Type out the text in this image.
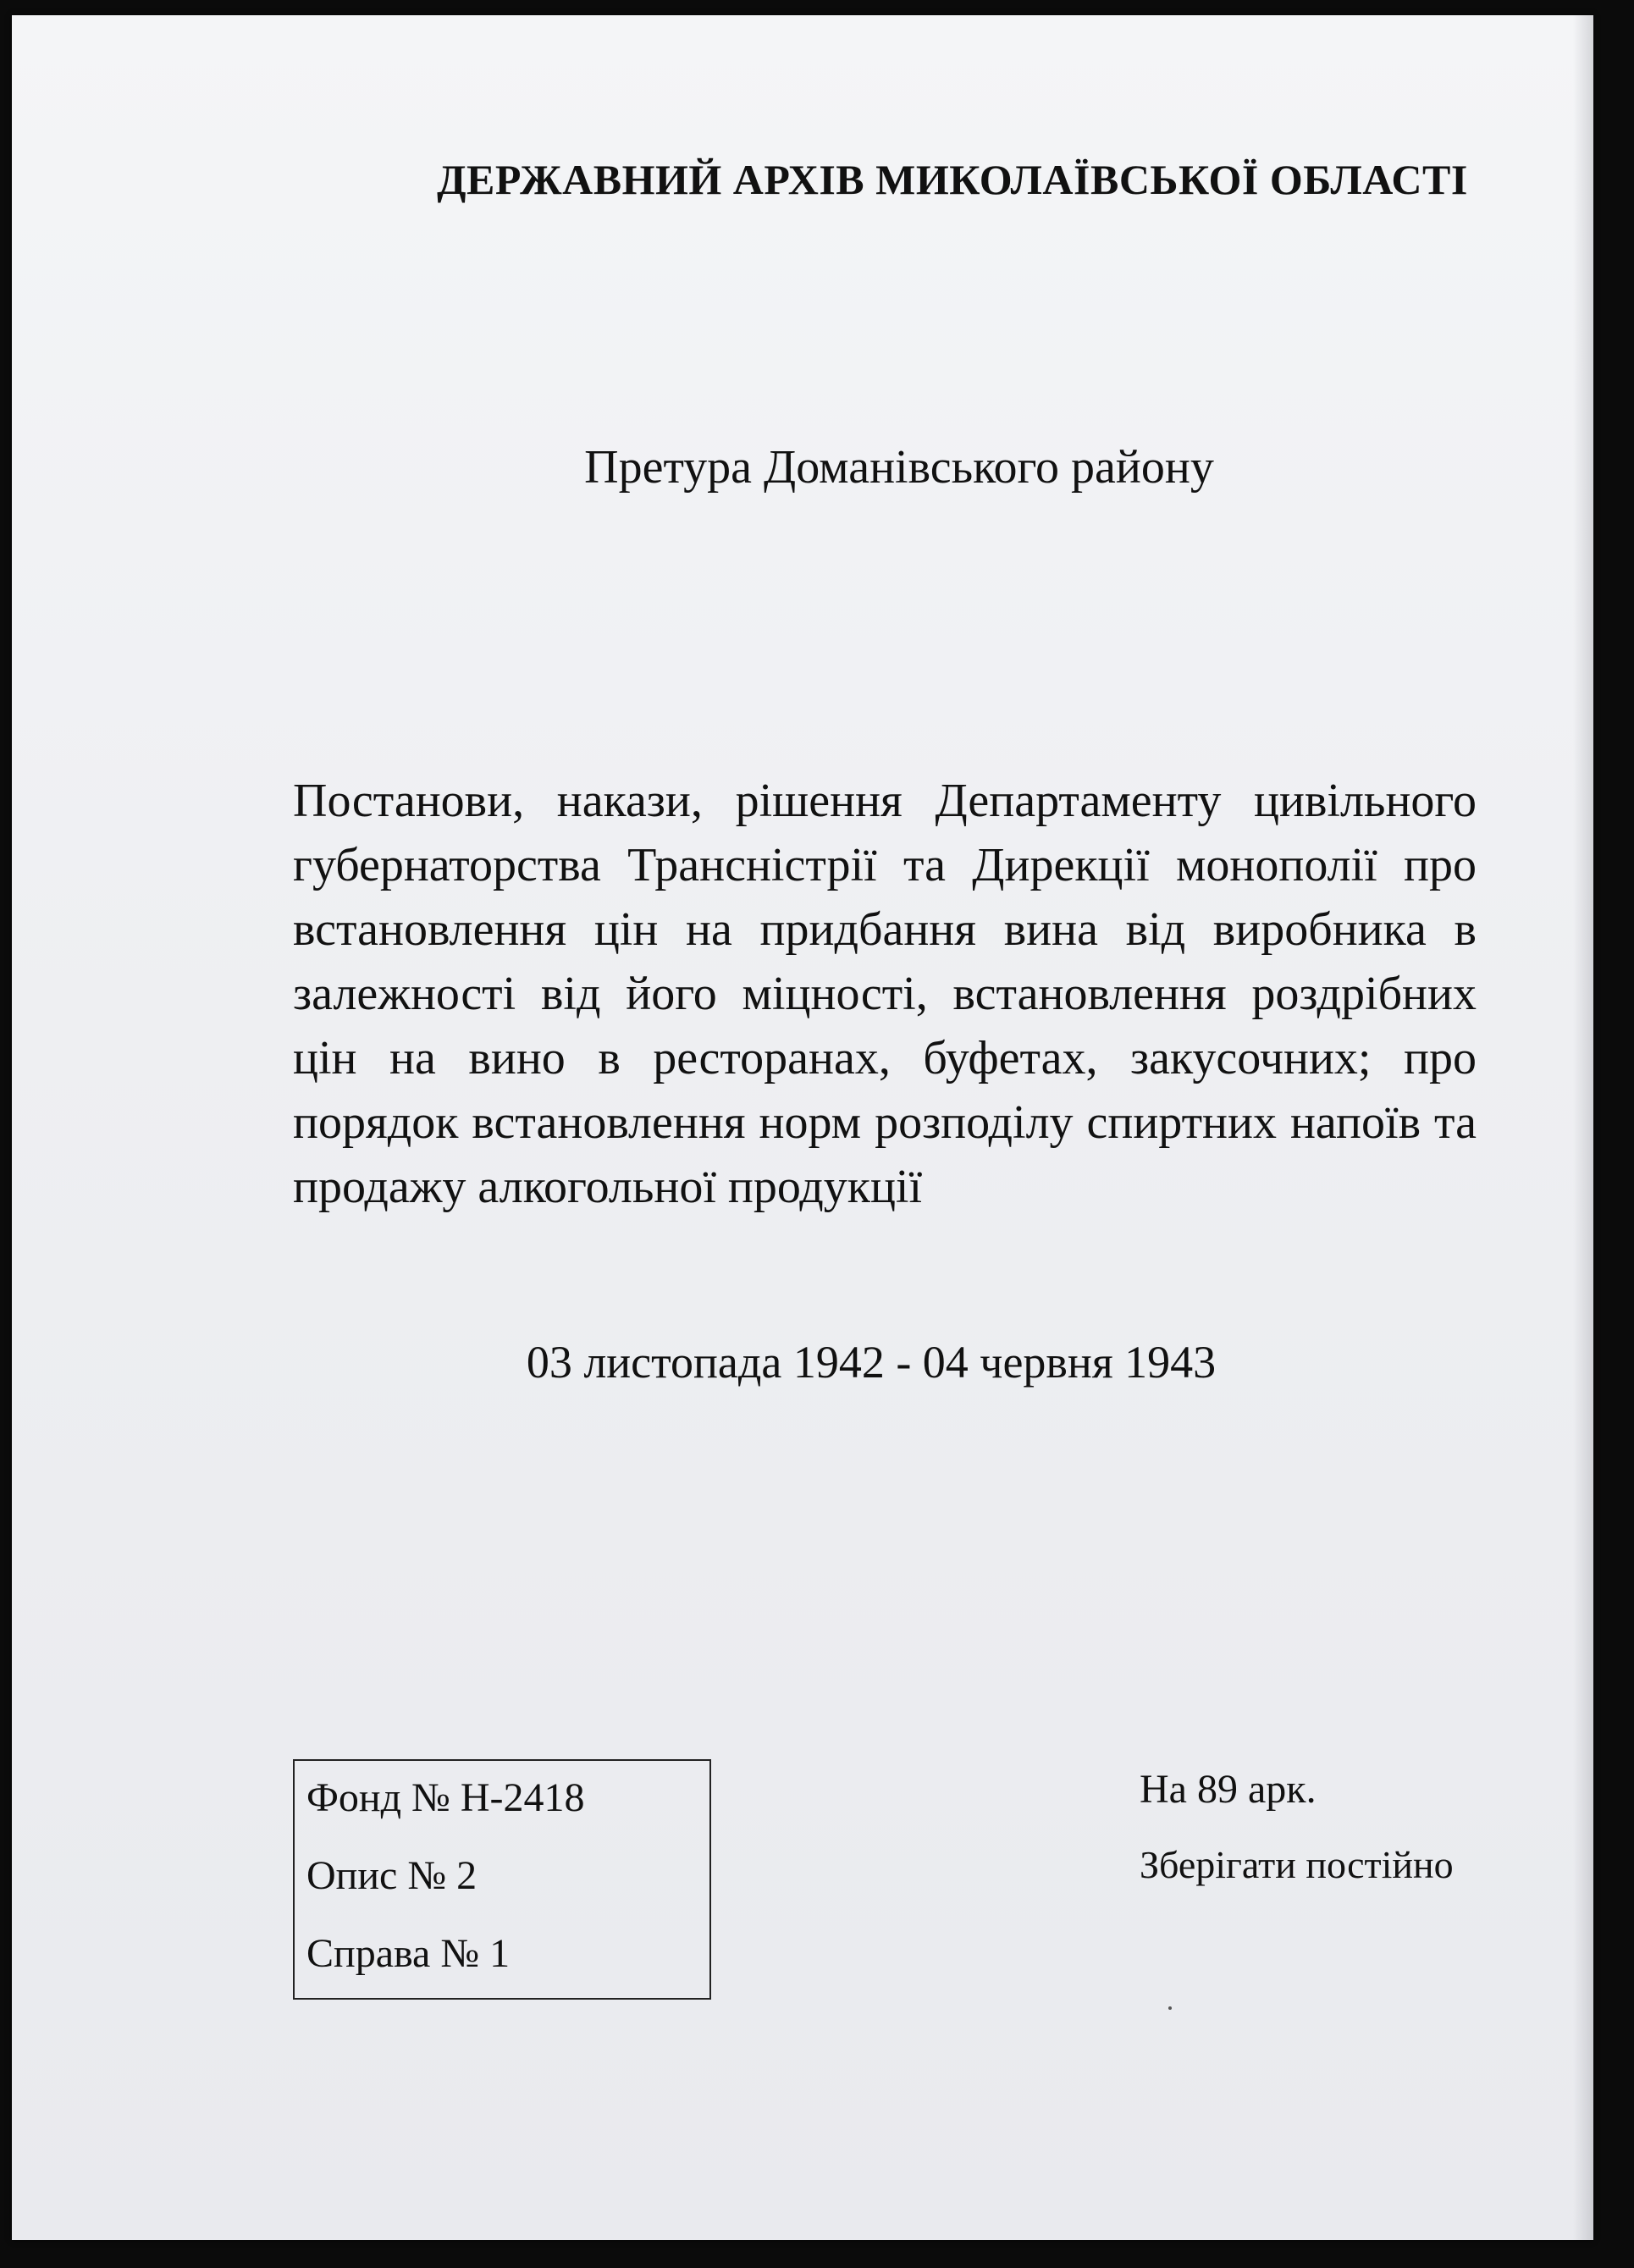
ДЕРЖАВНИЙ АРХІВ МИКОЛАЇВСЬКОЇ ОБЛАСТІ
Претура Доманівського району
Постанови, накази, рішення Департаменту цивільного губернаторства Трансністрії та Дирекції монополії про встановлення цін на придбання вина від виробника в залежності від його міцності, встановлення роздрібних цін на вино в ресторанах, буфетах, закусочних; про порядок встановлення норм розподілу спиртних напоїв та продажу алкогольної продукції
03 листопада 1942 - 04 червня 1943
Фонд № Н-2418
Опис № 2
Справа № 1
На 89 арк.
Зберігати постійно
